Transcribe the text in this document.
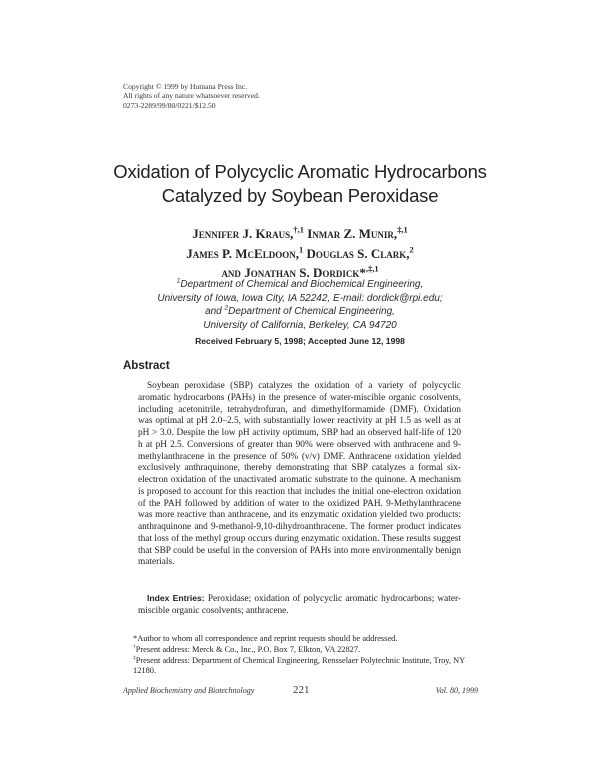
Copyright © 1999 by Humana Press Inc.
All rights of any nature whatsoever reserved.
0273-2289/99/80/0221/$12.50
Oxidation of Polycyclic Aromatic Hydrocarbons
Catalyzed by Soybean Peroxidase
Jennifer J. Kraus,$^{\dagger,1}$ Inmar Z. Munir,$^{\ddagger,1}$
James P. McEldoon,$^1$ Douglas S. Clark,$^2$
and Jonathan S. Dordick*$^{,\ddagger,1}$
$^1$Department of Chemical and Biochemical Engineering,
University of Iowa, Iowa City, IA 52242, E-mail: dordick@rpi.edu;
and $^2$Department of Chemical Engineering,
University of California, Berkeley, CA 94720
Received February 5, 1998; Accepted June 12, 1998
Abstract

Soybean peroxidase (SBP) catalyzes the oxidation of a variety of polycyclic aromatic hydrocarbons (PAHs) in the presence of water-miscible organic cosolvents, including acetonitrile, tetrahydrofuran, and dimethylformamide (DMF). Oxidation was optimal at pH 2.0–2.5, with substantially lower reactivity at pH 1.5 as well as at pH > 3.0. Despite the low pH activity optimum, SBP had an observed half-life of 120 h at pH 2.5. Conversions of greater than 90% were observed with anthracene and 9-methylanthracene in the presence of 50% (v/v) DMF. Anthracene oxidation yielded exclusively anthraquinone, thereby demonstrating that SBP catalyzes a formal six-electron oxidation of the unactivated aromatic substrate to the quinone. A mechanism is proposed to account for this reaction that includes the initial one-electron oxidation of the PAH followed by addition of water to the oxidized PAH. 9-Methylanthracene was more reactive than anthracene, and its enzymatic oxidation yielded two products: anthraquinone and 9-methanol-9,10-dihydroanthracene. The former product indicates that loss of the methyl group occurs during enzymatic oxidation. These results suggest that SBP could be useful in the conversion of PAHs into more environmentally benign materials.

Index Entries: Peroxidase; oxidation of polycyclic aromatic hydrocarbons; water-miscible organic cosolvents; anthracene.

*Author to whom all correspondence and reprint requests should be addressed.

†Present address: Merck & Co., Inc., P.O. Box 7, Elkton, VA 22827.

‡Present address: Department of Chemical Engineering, Rensselaer Polytechnic Institute, Troy, NY 12180.

Applied Biochemistry and Biotechnology	221	Vol. 80, 1999
